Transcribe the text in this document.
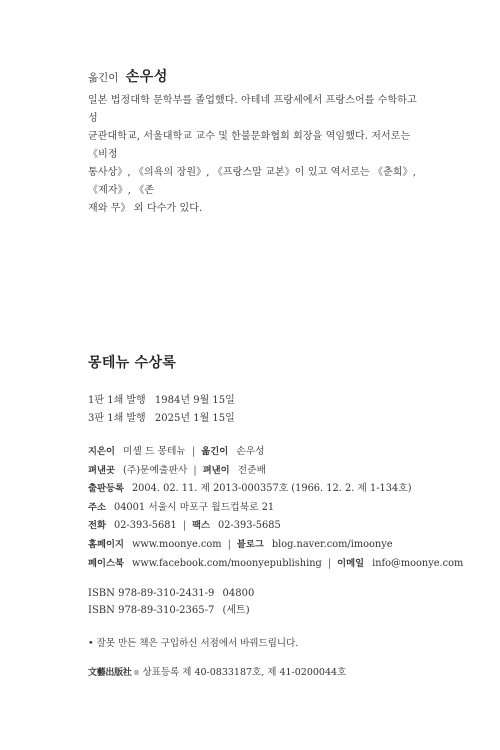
옮긴이 손우성

일본 법정대학 문학부를 졸업했다. 아테네 프랑세에서 프랑스어를 수학하고 성
균관대학교, 서울대학교 교수 및 한불문화협회 회장을 역임했다. 저서로는 《비정
통사상》, 《의욕의 장원》, 《프랑스말 교본》이 있고 역서로는 《춘희》, 《제자》, 《존
재와 무》 외 다수가 있다.

몽테뉴 수상록
1판 1쇄 발행 1984년 9월 15일
3판 1쇄 발행 2025년 1월 15일
지은이 미셸 드 몽테뉴 | 옮긴이 손우성
펴낸곳 (주)문예출판사 | 펴낸이 전준배
출판등록 2004. 02. 11. 제 2013-000357호 (1966. 12. 2. 제 1-134호)
주소 04001 서울시 마포구 월드컵북로 21
전화 02-393-5681 | 팩스 02-393-5685
홈페이지 www.moonye.com | 블로그 blog.naver.com/imoonye
페이스북 www.facebook.com/moonyepublishing | 이메일 info@moonye.com
ISBN 978-89-310-2431-9 04800
ISBN 978-89-310-2365-7 (세트)
• 잘못 만든 책은 구입하신 서점에서 바꿔드립니다.
文藝出版社 ® 상표등록 제 40-0833187호, 제 41-0200044호
